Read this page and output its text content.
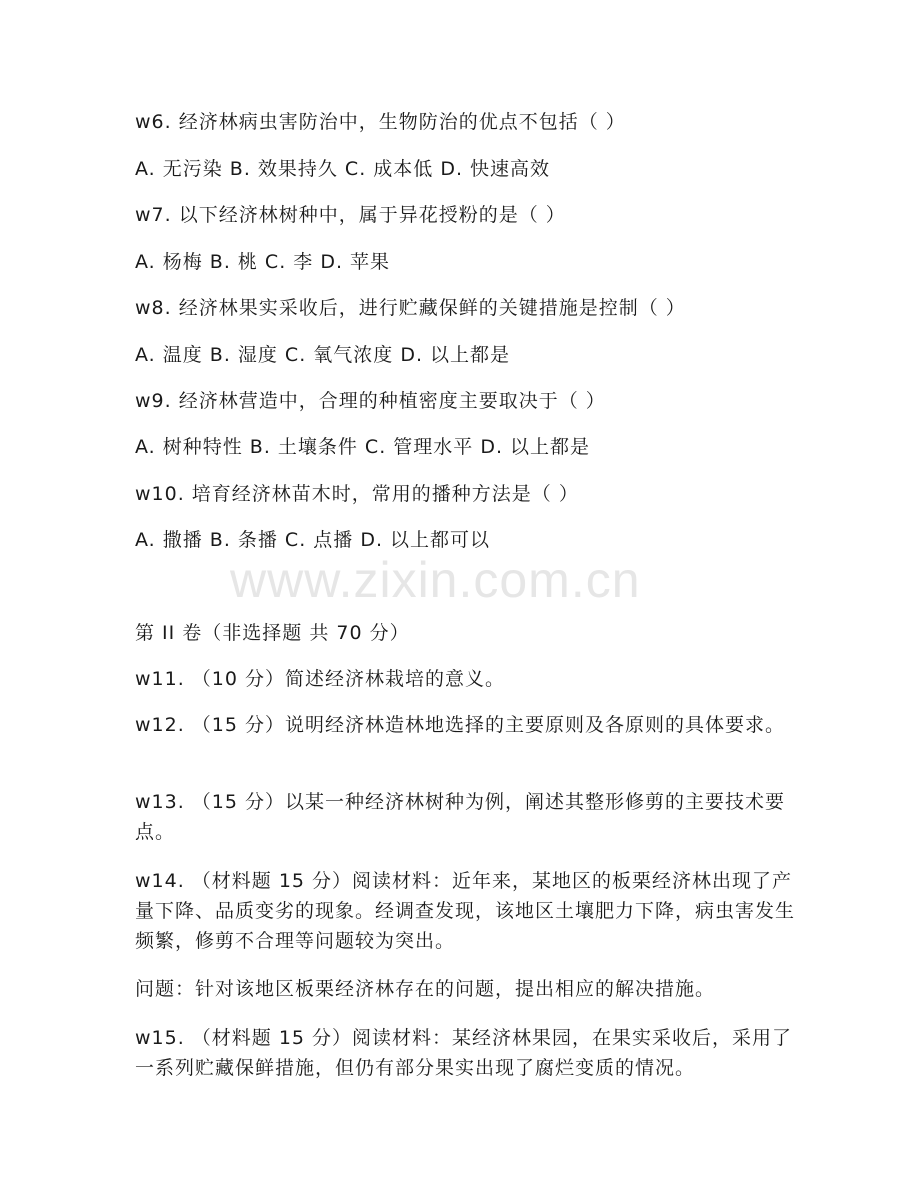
w6. 经济林病虫害防治中，生物防治的优点不包括（ ）
A. 无污染 B. 效果持久 C. 成本低 D. 快速高效
w7. 以下经济林树种中，属于异花授粉的是（ ）
A. 杨梅 B. 桃 C. 李 D. 苹果
w8. 经济林果实采收后，进行贮藏保鲜的关键措施是控制（ ）
A. 温度 B. 湿度 C. 氧气浓度 D. 以上都是
w9. 经济林营造中，合理的种植密度主要取决于（ ）
A. 树种特性 B. 土壤条件 C. 管理水平 D. 以上都是
w10. 培育经济林苗木时，常用的播种方法是（ ）
A. 撒播 B. 条播 C. 点播 D. 以上都可以
www.zixin.com.cn
第 II 卷（非选择题 共 70 分）
w11. （10 分）简述经济林栽培的意义。
w12. （15 分）说明经济林造林地选择的主要原则及各原则的具体要求。
w13. （15 分）以某一种经济林树种为例，阐述其整形修剪的主要技术要点。
w14. （材料题 15 分）阅读材料：近年来，某地区的板栗经济林出现了产量下降、品质变劣的现象。经调查发现，该地区土壤肥力下降，病虫害发生频繁，修剪不合理等问题较为突出。
问题：针对该地区板栗经济林存在的问题，提出相应的解决措施。
w15. （材料题 15 分）阅读材料：某经济林果园，在果实采收后，采用了一系列贮藏保鲜措施，但仍有部分果实出现了腐烂变质的情况。
